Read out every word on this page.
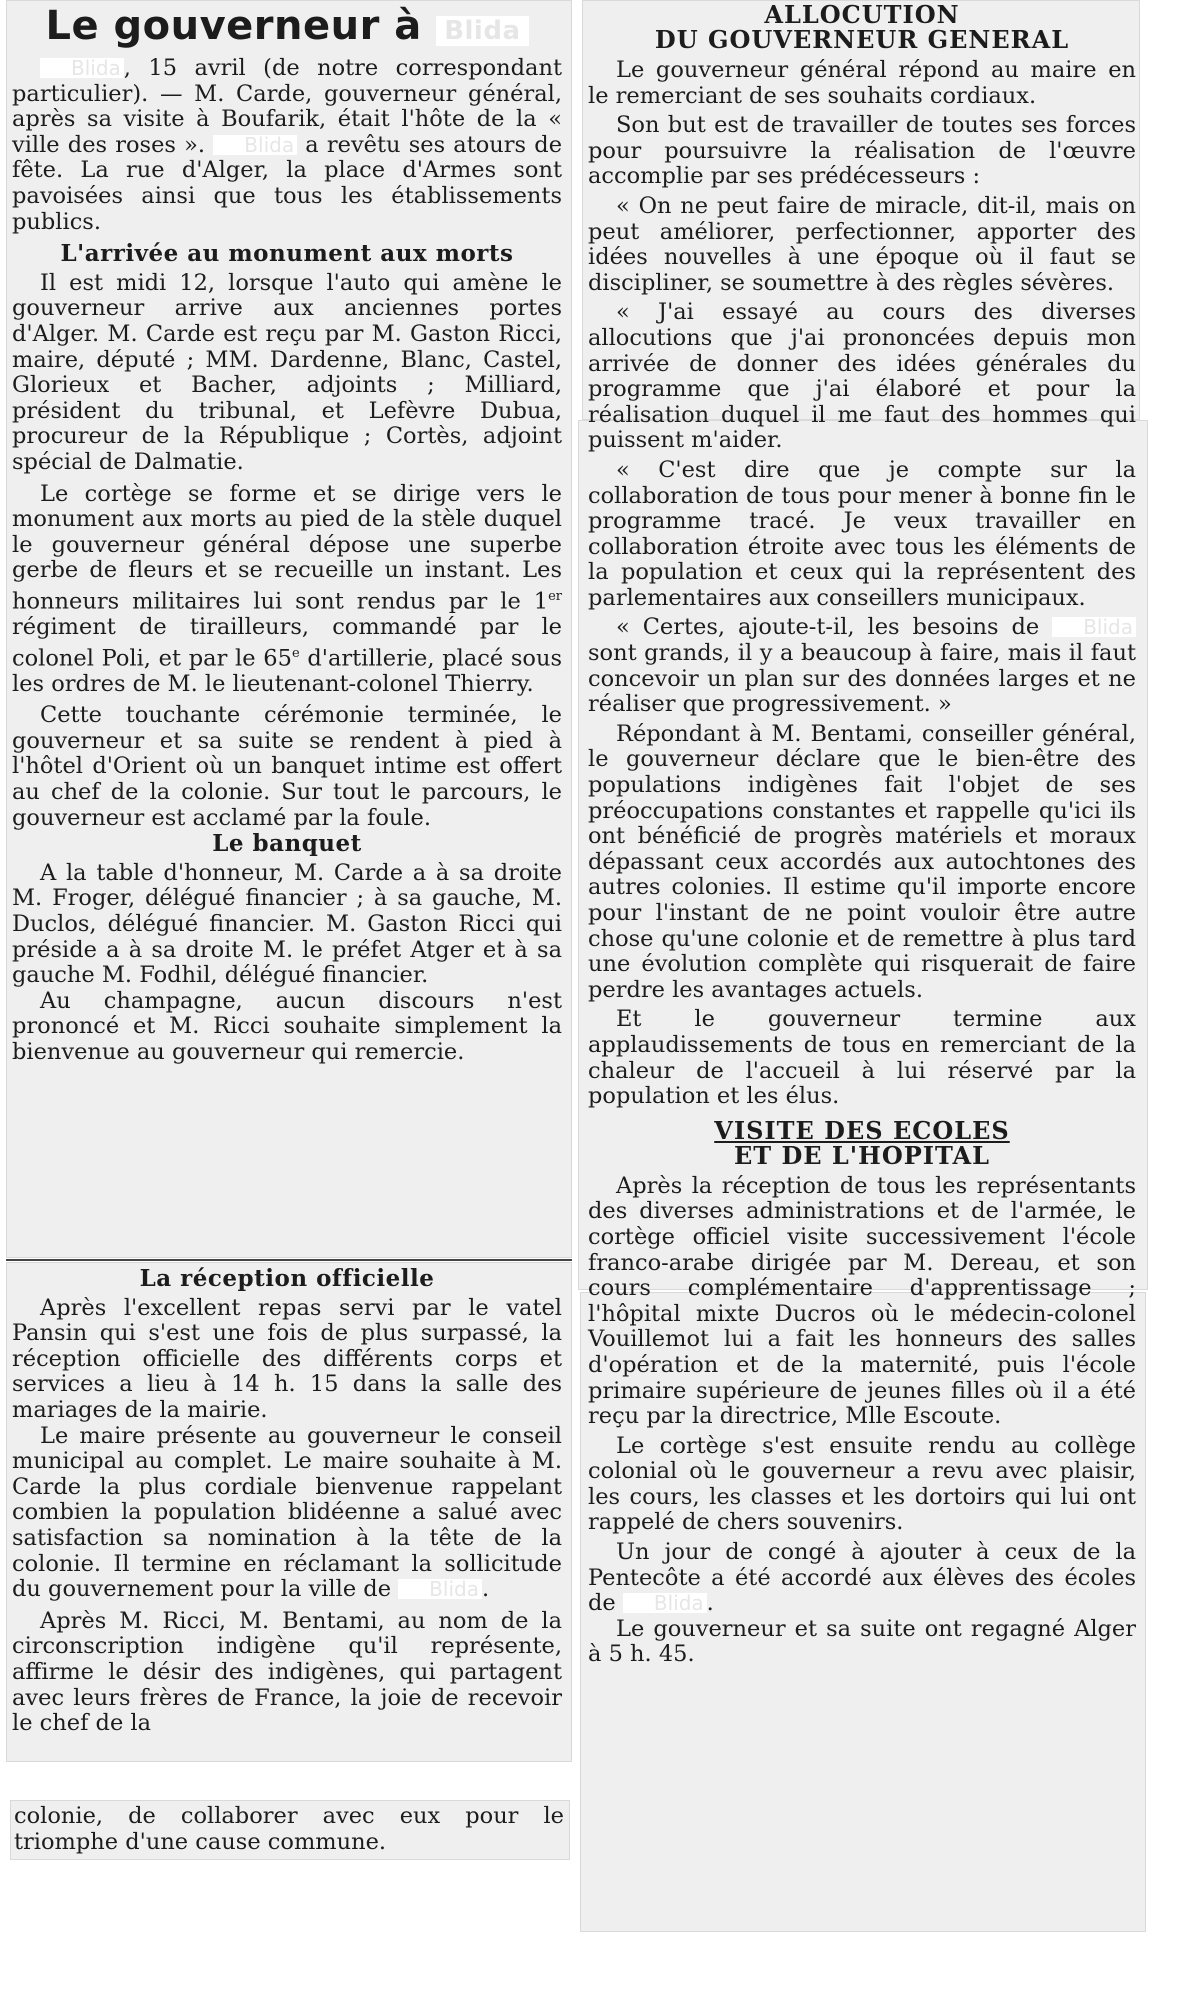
Le gouverneur à Blida

Blida , 15 avril (de notre correspondant particulier). — M. Carde, gouverneur général, après sa visite à Boufarik, était l'hôte de la « ville des roses ». Blida a revêtu ses atours de fête. La rue d'Alger, la place d'Armes sont pavoisées ainsi que tous les établissements publics.

L'arrivée au monument aux morts

Il est midi 12, lorsque l'auto qui amène le gouverneur arrive aux anciennes portes d'Alger. M. Carde est reçu par M. Gaston Ricci, maire, député ; MM. Dardenne, Blanc, Castel, Glorieux et Bacher, adjoints ; Milliard, président du tribunal, et Lefèvre Dubua, procureur de la République ; Cortès, adjoint spécial de Dalmatie.

Le cortège se forme et se dirige vers le monument aux morts au pied de la stèle duquel le gouverneur général dépose une superbe gerbe de fleurs et se recueille un instant. Les honneurs militaires lui sont rendus par le 1er régiment de tirailleurs, commandé par le colonel Poli, et par le 65e d'artillerie, placé sous les ordres de M. le lieutenant-colonel Thierry.

Cette touchante cérémonie terminée, le gouverneur et sa suite se rendent à pied à l'hôtel d'Orient où un banquet intime est offert au chef de la colonie. Sur tout le parcours, le gouverneur est acclamé par la foule.

Le banquet

A la table d'honneur, M. Carde a à sa droite M. Froger, délégué financier ; à sa gauche, M. Duclos, délégué financier. M. Gaston Ricci qui préside a à sa droite M. le préfet Atger et à sa gauche M. Fodhil, délégué financier.

Au champagne, aucun discours n'est prononcé et M. Ricci souhaite simplement la bienvenue au gouverneur qui remercie.

La réception officielle

Après l'excellent repas servi par le vatel Pansin qui s'est une fois de plus surpassé, la réception officielle des différents corps et services a lieu à 14 h. 15 dans la salle des mariages de la mairie.

Le maire présente au gouverneur le conseil municipal au complet. Le maire souhaite à M. Carde la plus cordiale bienvenue rappelant combien la population blidéenne a salué avec satisfaction sa nomination à la tête de la colonie. Il termine en réclamant la sollicitude du gouvernement pour la ville de Blida .

Après M. Ricci, M. Bentami, au nom de la circonscription indigène qu'il représente, affirme le désir des indigènes, qui partagent avec leurs frères de France, la joie de recevoir le chef de la

colonie, de collaborer avec eux pour le triomphe d'une cause commune.

ALLOCUTION
DU GOUVERNEUR GENERAL

Le gouverneur général répond au maire en le remerciant de ses souhaits cordiaux.

Son but est de travailler de toutes ses forces pour poursuivre la réalisation de l'œuvre accomplie par ses prédécesseurs :

« On ne peut faire de miracle, dit-il, mais on peut améliorer, perfectionner, apporter des idées nouvelles à une époque où il faut se discipliner, se soumettre à des règles sévères.

« J'ai essayé au cours des diverses allocutions que j'ai prononcées depuis mon arrivée de donner des idées générales du programme que j'ai élaboré et pour la réalisation duquel il me faut des hommes qui puissent m'aider.

« C'est dire que je compte sur la collaboration de tous pour mener à bonne fin le programme tracé. Je veux travailler en collaboration étroite avec tous les éléments de la population et ceux qui la représentent des parlementaires aux conseillers municipaux.

« Certes, ajoute-t-il, les besoins de Blida sont grands, il y a beaucoup à faire, mais il faut concevoir un plan sur des données larges et ne réaliser que progressivement. »

Répondant à M. Bentami, conseiller général, le gouverneur déclare que le bien-être des populations indigènes fait l'objet de ses préoccupations constantes et rappelle qu'ici ils ont bénéficié de progrès matériels et moraux dépassant ceux accordés aux autochtones des autres colonies. Il estime qu'il importe encore pour l'instant de ne point vouloir être autre chose qu'une colonie et de remettre à plus tard une évolution complète qui risquerait de faire perdre les avantages actuels.

Et le gouverneur termine aux applaudissements de tous en remerciant de la chaleur de l'accueil à lui réservé par la population et les élus.

VISITE DES ECOLES
ET DE L'HOPITAL

Après la réception de tous les représentants des diverses administrations et de l'armée, le cortège officiel visite successivement l'école franco-arabe dirigée par M. Dereau, et son cours complémentaire d'apprentissage ; l'hôpital mixte Ducros où le médecin-colonel Vouillemot lui a fait les honneurs des salles d'opération et de la maternité, puis l'école primaire supérieure de jeunes filles où il a été reçu par la directrice, Mlle Escoute.

Le cortège s'est ensuite rendu au collège colonial où le gouverneur a revu avec plaisir, les cours, les classes et les dortoirs qui lui ont rappelé de chers souvenirs.

Un jour de congé à ajouter à ceux de la Pentecôte a été accordé aux élèves des écoles de Blida .

Le gouverneur et sa suite ont regagné Alger à 5 h. 45.
